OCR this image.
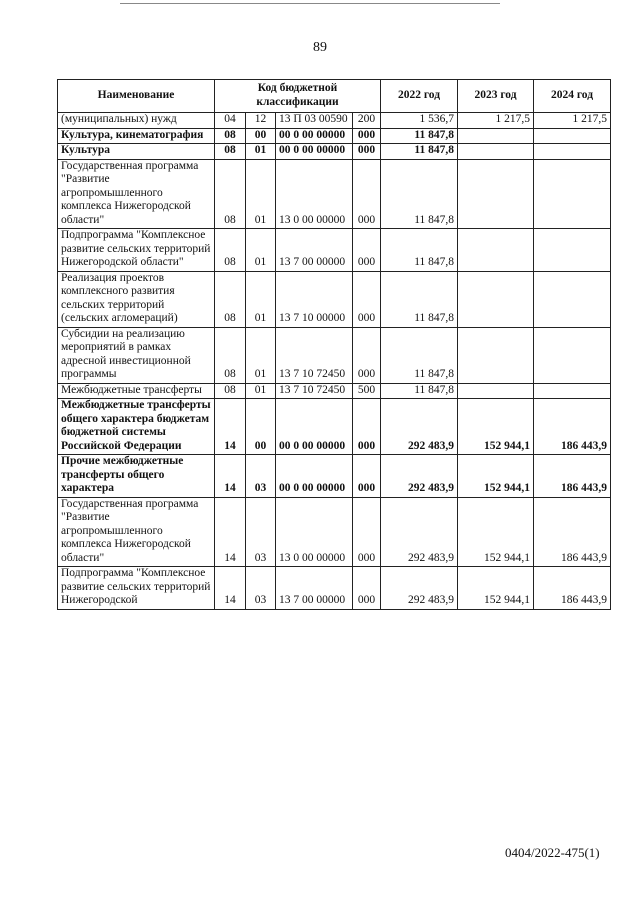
89
Наименование	Код бюджетной классификации				2022 год	2023 год	2024 год
(муниципальных) нужд	04	12	13 П 03 00590	200	1 536,7	1 217,5	1 217,5
Культура, кинематография	08	00	00 0 00 00000	000	11 847,8		
Культура	08	01	00 0 00 00000	000	11 847,8		
Государственная программа "Развитие агропромышленного комплекса Нижегородской области"	08	01	13 0 00 00000	000	11 847,8		
Подпрограмма "Комплексное развитие сельских территорий Нижегородской области"	08	01	13 7 00 00000	000	11 847,8		
Реализация проектов комплексного развития сельских территорий (сельских агломераций)	08	01	13 7 10 00000	000	11 847,8		
Субсидии на реализацию мероприятий в рамках адресной инвестиционной программы	08	01	13 7 10 72450	000	11 847,8		
Межбюджетные трансферты	08	01	13 7 10 72450	500	11 847,8		
Межбюджетные трансферты общего характера бюджетам бюджетной системы Российской Федерации	14	00	00 0 00 00000	000	292 483,9	152 944,1	186 443,9
Прочие межбюджетные трансферты общего характера	14	03	00 0 00 00000	000	292 483,9	152 944,1	186 443,9
Государственная программа "Развитие агропромышленного комплекса Нижегородской области"	14	03	13 0 00 00000	000	292 483,9	152 944,1	186 443,9
Подпрограмма "Комплексное развитие сельских территорий Нижегородской	14	03	13 7 00 00000	000	292 483,9	152 944,1	186 443,9
0404/2022-475(1)
